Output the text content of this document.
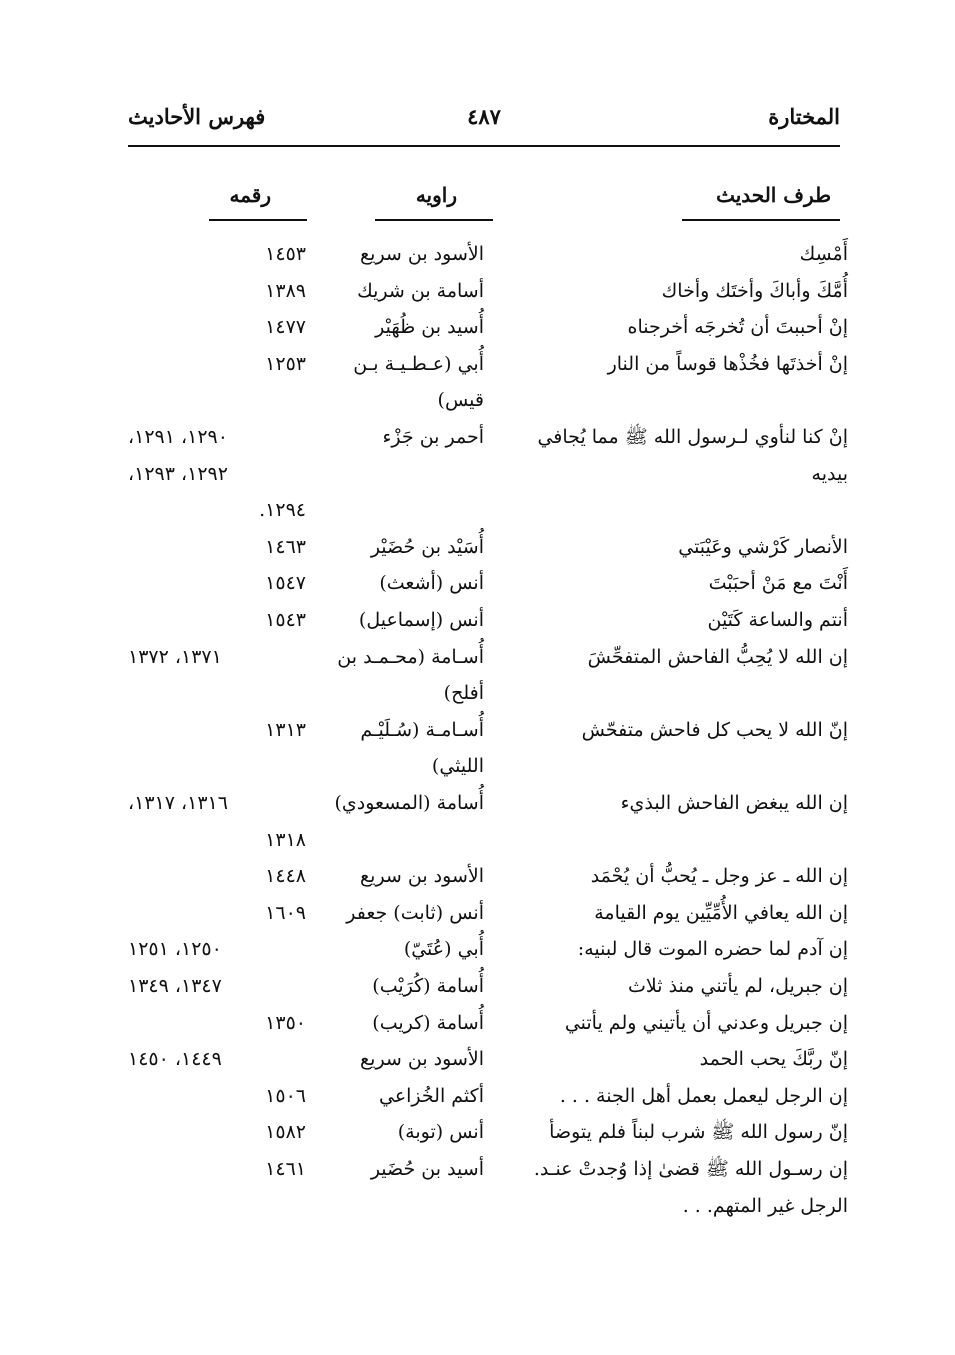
المختارة
٤٨٧
فهرس الأحاديث
طرف الحديث
راويه
رقمه
أَمْسِك
الأسود بن سريع
١٤٥٣
أُمَّكَ وأباكَ وأختَك وأخاك
أسامة بن شريك
١٣٨٩
إنْ أحببتَ أن تُخرجَه أخرجناه
أُسيد بن ظُهَيْر
١٤٧٧
إنْ أخذتَها فخُذْها قوساً من النار
أُبي (عـطـيـة بـن
١٢٥٣
قيس)
إنْ كنا لنأوي لـرسول الله ﷺ مما يُجافي
أحمر بن جَزْء
١٢٩٠، ١٢٩١،
بيديه
١٢٩٢، ١٢٩٣،
١٢٩٤.
الأنصار كَرْشي وعَيْبَتي
أُسَيْد بن حُضَيْر
١٤٦٣
أَنْتَ مع مَنْ أحبَبْتَ
أنس (أشعث)
١٥٤٧
أنتم والساعة كَتَيْن
أنس (إسماعيل)
١٥٤٣
إن الله لا يُحِبُّ الفاحش المتفحِّشَ
أُسـامة (محـمـد بن
١٣٧١، ١٣٧٢
أفلح)
إنّ الله لا يحب كل فاحش متفحّش
أُسـامـة (سُـلَيْـم
١٣١٣
الليثي)
إن الله يبغض الفاحش البذيء
أُسامة (المسعودي)
١٣١٦، ١٣١٧،
١٣١٨
إن الله ـ عز وجل ـ يُحبُّ أن يُحْمَد
الأسود بن سريع
١٤٤٨
إن الله يعافي الأُمِّيِّين يوم القيامة
أنس (ثابت) جعفر
١٦٠٩
إن آدم لما حضره الموت قال لبنيه:
أُبي (عُتَيّ)
١٢٥٠، ١٢٥١
إن جبريل، لم يأتني منذ ثلاث
أُسامة (كُرَيْب)
١٣٤٧، ١٣٤٩
إن جبريل وعدني أن يأتيني ولم يأتني
أُسامة (كريب)
١٣٥٠
إنّ ربَّكَ يحب الحمد
الأسود بن سريع
١٤٤٩، ١٤٥٠
إن الرجل ليعمل بعمل أهل الجنة . . .
أكثم الخُزاعي
١٥٠٦
إنّ رسول الله ﷺ شرب لبناً فلم يتوضأ
أنس (توبة)
١٥٨٢
إن رسـول الله ﷺ قضىٰ إذا وُجدتْ عنـد.
أسيد بن حُضَير
١٤٦١
الرجل غير المتهم. . .
